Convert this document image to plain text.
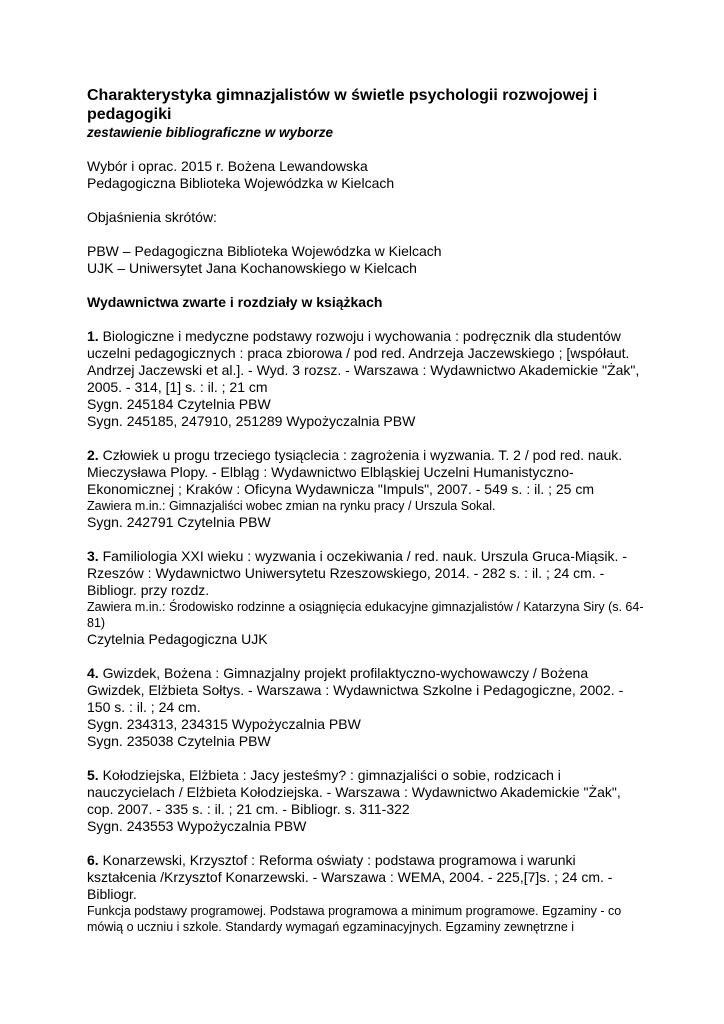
Charakterystyka gimnazjalistów w świetle psychologii rozwojowej i pedagogiki

zestawienie bibliograficzne w wyborze

Wybór i oprac. 2015 r. Bożena Lewandowska

Pedagogiczna Biblioteka Wojewódzka w Kielcach

Objaśnienia skrótów:

PBW – Pedagogiczna Biblioteka Wojewódzka w Kielcach

UJK – Uniwersytet Jana Kochanowskiego w Kielcach

Wydawnictwa zwarte i rozdziały w książkach

1. Biologiczne i medyczne podstawy rozwoju i wychowania : podręcznik dla studentów uczelni pedagogicznych : praca zbiorowa / pod red. Andrzeja Jaczewskiego ; [współaut. Andrzej Jaczewski et al.]. - Wyd. 3 rozsz. - Warszawa : Wydawnictwo Akademickie "Żak", 2005. - 314, [1] s. : il. ; 21 cm

Sygn. 245184 Czytelnia PBW

Sygn. 245185, 247910, 251289 Wypożyczalnia PBW

2. Człowiek u progu trzeciego tysiąclecia : zagrożenia i wyzwania. T. 2 / pod red. nauk. Mieczysława Plopy. - Elbląg : Wydawnictwo Elbląskiej Uczelni Humanistyczno-Ekonomicznej ; Kraków : Oficyna Wydawnicza "Impuls", 2007. - 549 s. : il. ; 25 cm

Zawiera m.in.: Gimnazjaliści wobec zmian na rynku pracy / Urszula Sokal.

Sygn. 242791 Czytelnia PBW

3. Familiologia XXI wieku : wyzwania i oczekiwania / red. nauk. Urszula Gruca-Miąsik. - Rzeszów : Wydawnictwo Uniwersytetu Rzeszowskiego, 2014. - 282 s. : il. ; 24 cm. - Bibliogr. przy rozdz.

Zawiera m.in.: Środowisko rodzinne a osiągnięcia edukacyjne gimnazjalistów / Katarzyna Siry (s. 64-81)

Czytelnia Pedagogiczna UJK

4. Gwizdek, Bożena : Gimnazjalny projekt profilaktyczno-wychowawczy / Bożena Gwizdek, Elżbieta Sołtys. - Warszawa : Wydawnictwa Szkolne i Pedagogiczne, 2002. - 150 s. : il. ; 24 cm.

Sygn. 234313, 234315 Wypożyczalnia PBW

Sygn. 235038 Czytelnia PBW

5. Kołodziejska, Elżbieta : Jacy jesteśmy? : gimnazjaliści o sobie, rodzicach i nauczycielach / Elżbieta Kołodziejska. - Warszawa : Wydawnictwo Akademickie "Żak", cop. 2007. - 335 s. : il. ; 21 cm. - Bibliogr. s. 311-322

Sygn. 243553 Wypożyczalnia PBW

6. Konarzewski, Krzysztof : Reforma oświaty : podstawa programowa i warunki kształcenia /Krzysztof Konarzewski. - Warszawa : WEMA, 2004. - 225,[7]s. ; 24 cm. - Bibliogr.

Funkcja podstawy programowej. Podstawa programowa a minimum programowe. Egzaminy - co mówią o uczniu i szkole. Standardy wymagań egzaminacyjnych. Egzaminy zewnętrzne i
